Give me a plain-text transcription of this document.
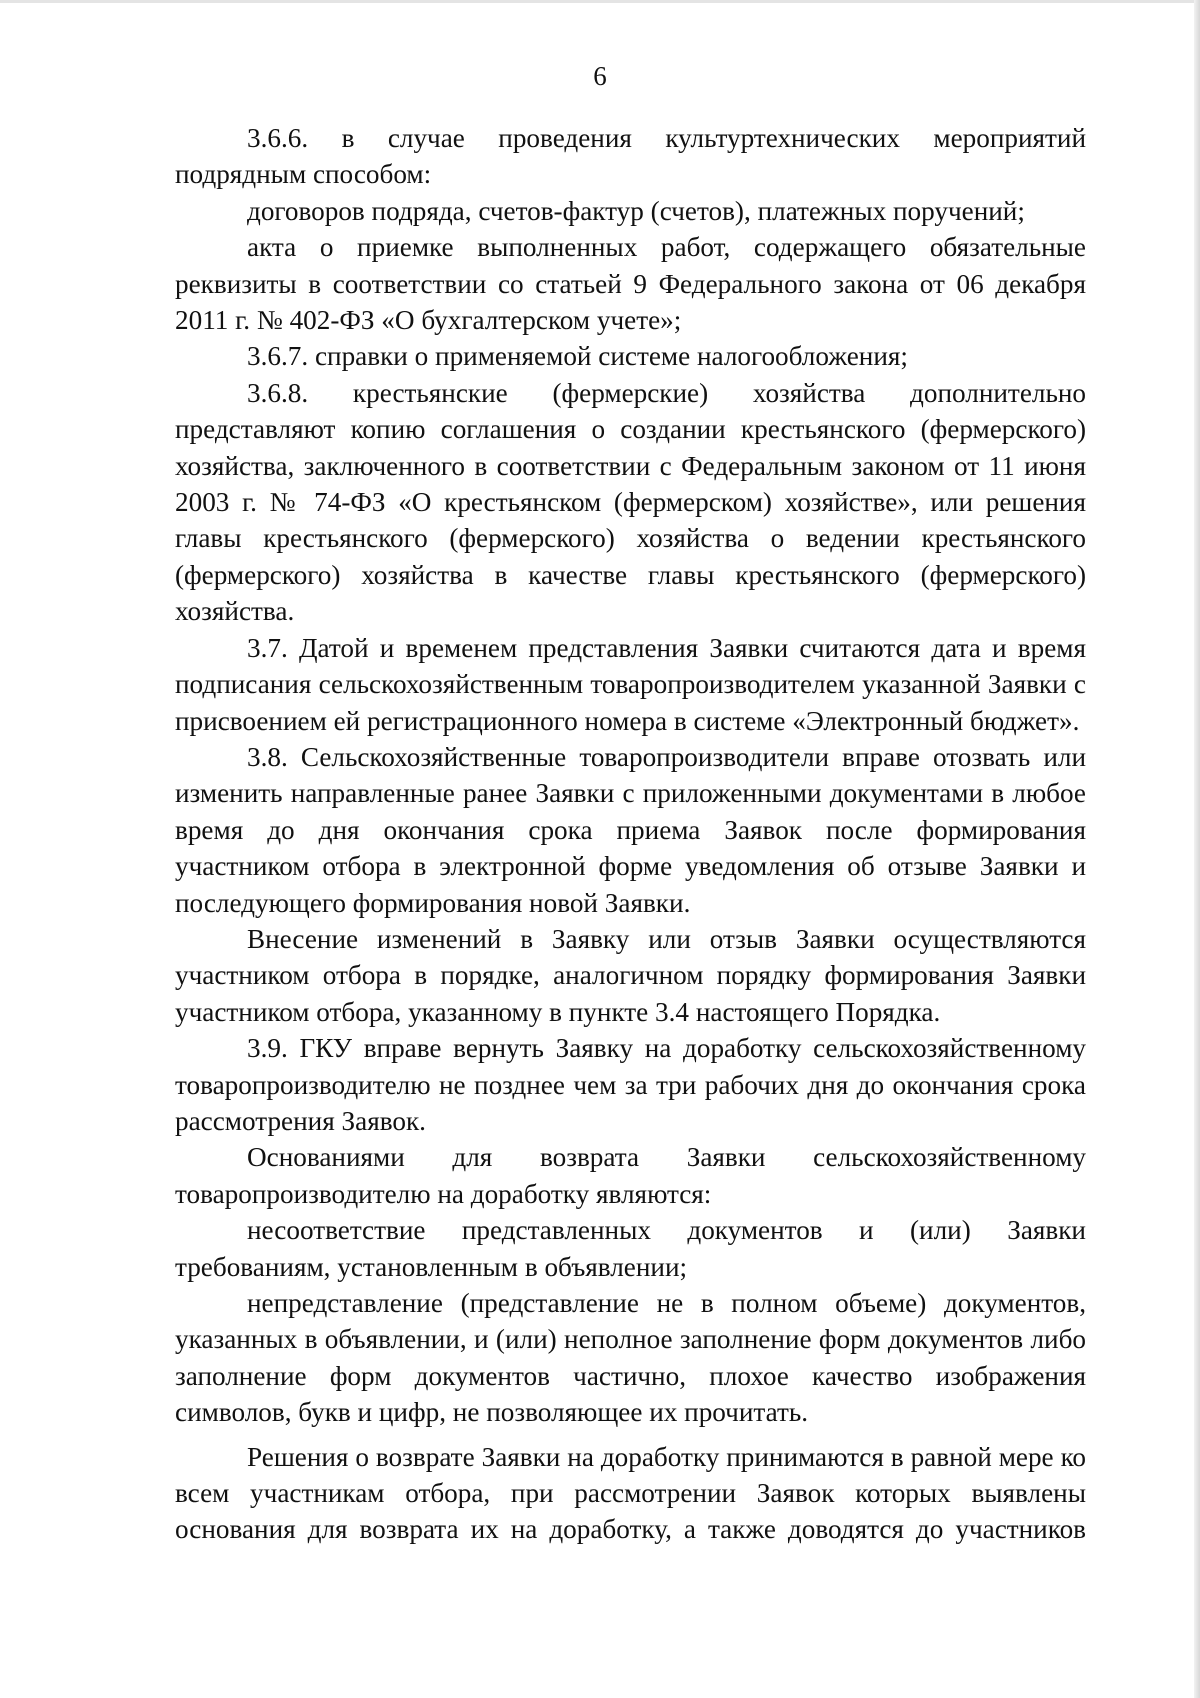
6

3.6.6. в случае проведения культуртехнических мероприятий подрядным способом:

договоров подряда, счетов-фактур (счетов), платежных поручений;

акта о приемке выполненных работ, содержащего обязательные реквизиты в соответствии со статьей 9 Федерального закона от 06 декабря 2011 г. № 402-ФЗ «О бухгалтерском учете»;

3.6.7. справки о применяемой системе налогообложения;

3.6.8. крестьянские (фермерские) хозяйства дополнительно представляют копию соглашения о создании крестьянского (фермерского) хозяйства, заключенного в соответствии с Федеральным законом от 11 июня 2003 г. № 74-ФЗ «О крестьянском (фермерском) хозяйстве», или решения главы крестьянского (фермерского) хозяйства о ведении крестьянского (фермерского) хозяйства в качестве главы крестьянского (фермерского) хозяйства.

3.7. Датой и временем представления Заявки считаются дата и время подписания сельскохозяйственным товаропроизводителем указанной Заявки с присвоением ей регистрационного номера в системе «Электронный бюджет».

3.8. Сельскохозяйственные товаропроизводители вправе отозвать или изменить направленные ранее Заявки с приложенными документами в любое время до дня окончания срока приема Заявок после формирования участником отбора в электронной форме уведомления об отзыве Заявки и последующего формирования новой Заявки.

Внесение изменений в Заявку или отзыв Заявки осуществляются участником отбора в порядке, аналогичном порядку формирования Заявки участником отбора, указанному в пункте 3.4 настоящего Порядка.

3.9. ГКУ вправе вернуть Заявку на доработку сельскохозяйственному товаропроизводителю не позднее чем за три рабочих дня до окончания срока рассмотрения Заявок.

Основаниями для возврата Заявки сельскохозяйственному товаропроизводителю на доработку являются:

несоответствие представленных документов и (или) Заявки требованиям, установленным в объявлении;

непредставление (представление не в полном объеме) документов, указанных в объявлении, и (или) неполное заполнение форм документов либо заполнение форм документов частично, плохое качество изображения символов, букв и цифр, не позволяющее их прочитать.

Решения о возврате Заявки на доработку принимаются в равной мере ко всем участникам отбора, при рассмотрении Заявок которых выявлены основания для возврата их на доработку, а также доводятся до участников
